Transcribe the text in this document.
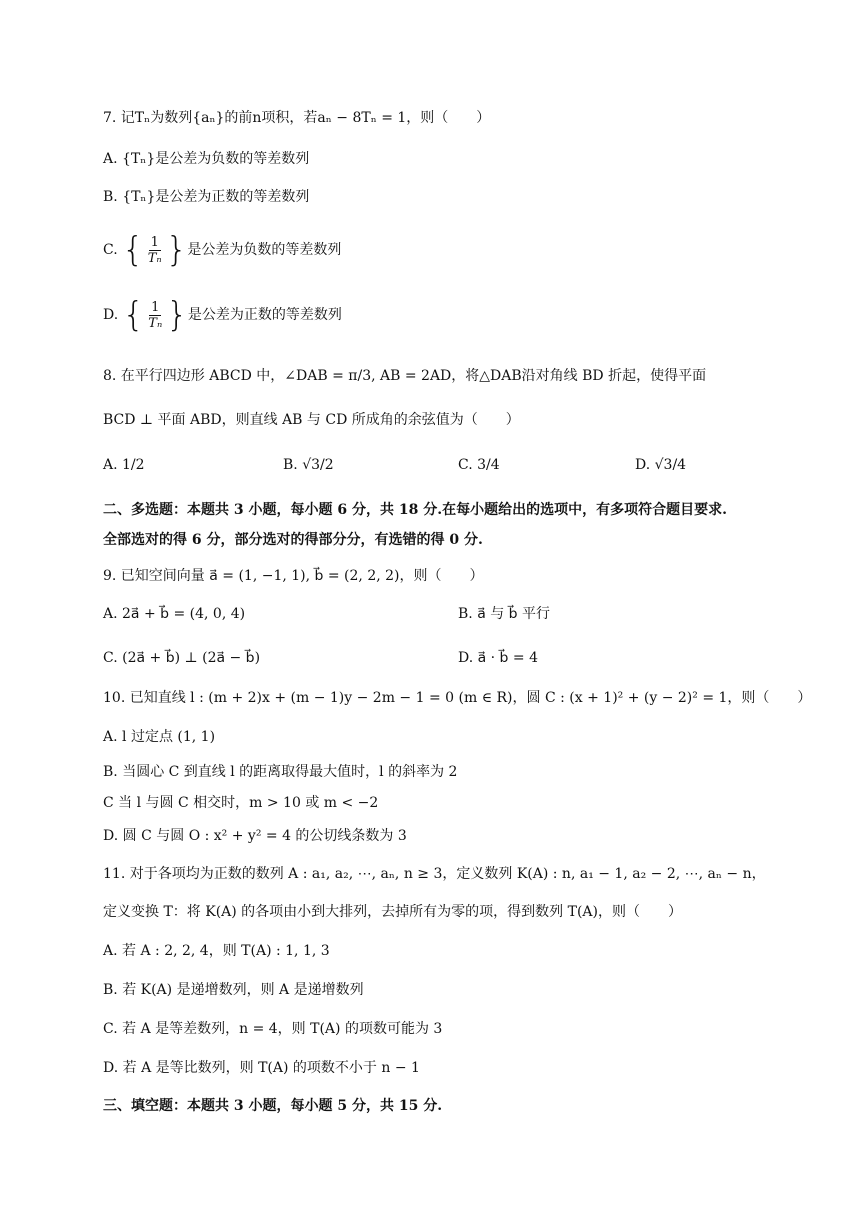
7. 记Tₙ为数列{aₙ}的前n项积，若aₙ − 8Tₙ = 1，则（　　）
A. {Tₙ}是公差为负数的等差数列
B. {Tₙ}是公差为正数的等差数列
C. { $\frac{1}{\text{Tₙ}}$ }是公差为负数的等差数列
D. { $\frac{1}{\text{Tₙ}}$ }是公差为正数的等差数列
8. 在平行四边形 ABCD 中，∠DAB = π/3, AB = 2AD，将△DAB沿对角线 BD 折起，使得平面
BCD ⊥ 平面 ABD，则直线 AB 与 CD 所成角的余弦值为（　　）
A. 1/2	B. √3/2	C. 3/4	D. √3/4
二、多选题：本题共 3 小题，每小题 6 分，共 18 分.在每小题给出的选项中，有多项符合题目要求.
全部选对的得 6 分，部分选对的得部分分，有选错的得 0 分.
9. 已知空间向量 a⃗ = (1, −1, 1), b⃗ = (2, 2, 2)，则（　　）
A. 2a⃗ + b⃗ = (4, 0, 4)	B. a⃗ 与 b⃗ 平行
C. (2a⃗ + b⃗) ⊥ (2a⃗ − b⃗)	D. a⃗ · b⃗ = 4
10. 已知直线 l : (m + 2)x + (m − 1)y − 2m − 1 = 0 (m ∈ R)，圆 C : (x + 1)² + (y − 2)² = 1，则（　　）
A. l 过定点 (1, 1)
B. 当圆心 C 到直线 l 的距离取得最大值时，l 的斜率为 2
C 当 l 与圆 C 相交时，m > 10 或 m < −2
D. 圆 C 与圆 O : x² + y² = 4 的公切线条数为 3
11. 对于各项均为正数的数列 A : a₁, a₂, ⋯, aₙ, n ≥ 3，定义数列 K(A) : n, a₁ − 1, a₂ − 2, ⋯, aₙ − n，
定义变换 T：将 K(A) 的各项由小到大排列，去掉所有为零的项，得到数列 T(A)，则（　　）
A. 若 A : 2, 2, 4，则 T(A) : 1, 1, 3
B. 若 K(A) 是递增数列，则 A 是递增数列
C. 若 A 是等差数列，n = 4，则 T(A) 的项数可能为 3
D. 若 A 是等比数列，则 T(A) 的项数不小于 n − 1
三、填空题：本题共 3 小题，每小题 5 分，共 15 分.
